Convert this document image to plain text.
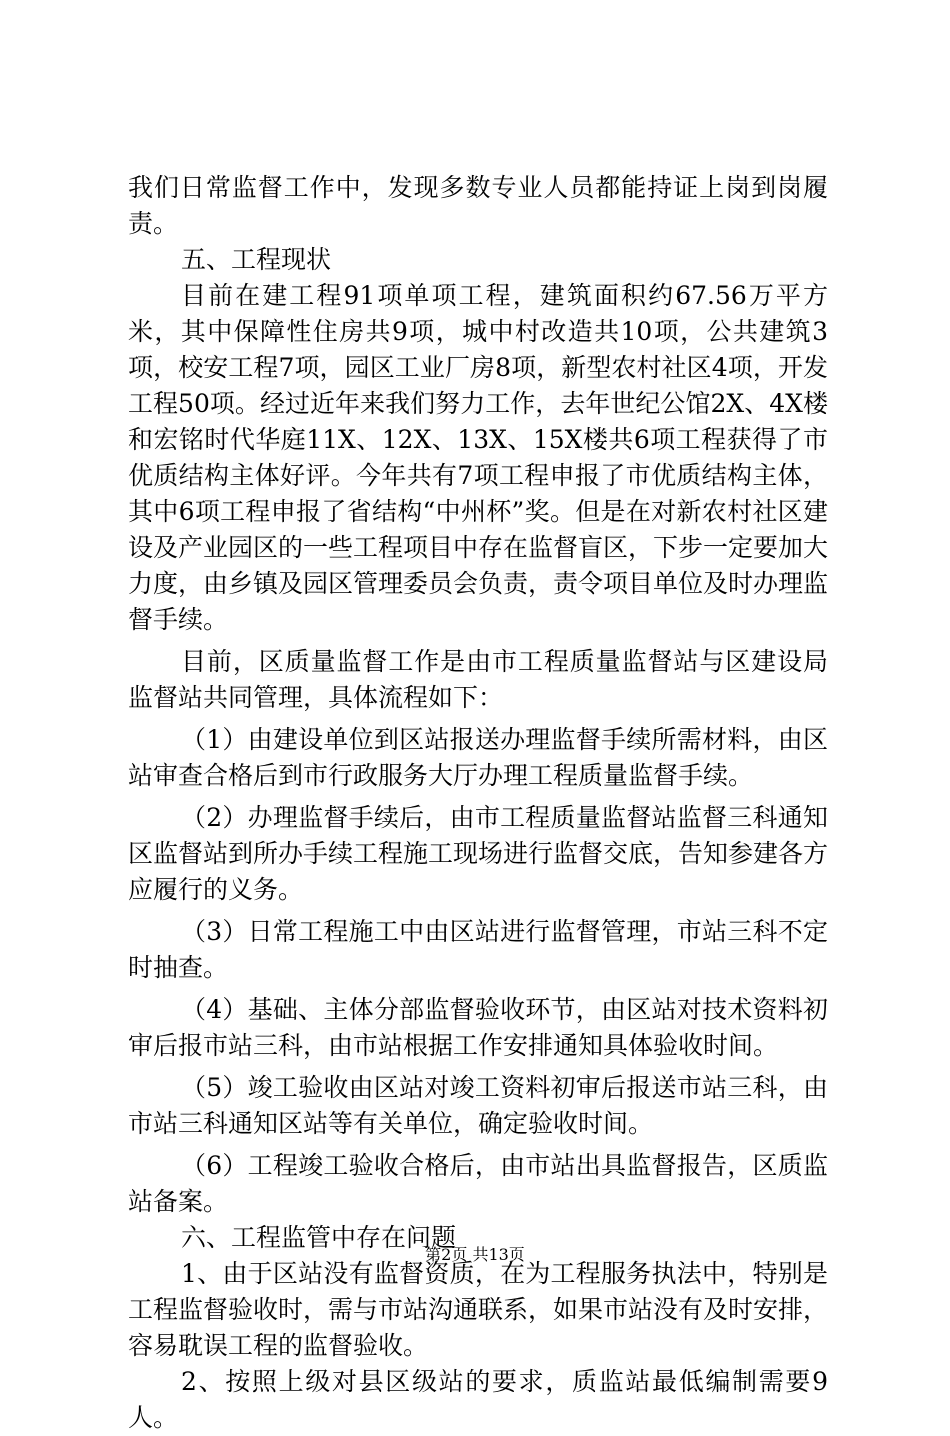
我们日常监督工作中，发现多数专业人员都能持证上岗到岗履责。

五、工程现状

目前在建工程91项单项工程，建筑面积约67.56万平方米，其中保障性住房共9项，城中村改造共10项，公共建筑3项，校安工程7项，园区工业厂房8项，新型农村社区4项，开发工程50项。经过近年来我们努力工作，去年世纪公馆2X、4X楼和宏铭时代华庭11X、12X、13X、15X楼共6项工程获得了市优质结构主体好评。今年共有7项工程申报了市优质结构主体，其中6项工程申报了省结构“中州杯”奖。但是在对新农村社区建设及产业园区的一些工程项目中存在监督盲区，下步一定要加大力度，由乡镇及园区管理委员会负责，责令项目单位及时办理监督手续。

目前，区质量监督工作是由市工程质量监督站与区建设局监督站共同管理，具体流程如下：

（1）由建设单位到区站报送办理监督手续所需材料，由区站审查合格后到市行政服务大厅办理工程质量监督手续。

（2）办理监督手续后，由市工程质量监督站监督三科通知区监督站到所办手续工程施工现场进行监督交底，告知参建各方应履行的义务。

（3）日常工程施工中由区站进行监督管理，市站三科不定时抽查。

（4）基础、主体分部监督验收环节，由区站对技术资料初审后报市站三科，由市站根据工作安排通知具体验收时间。

（5）竣工验收由区站对竣工资料初审后报送市站三科，由市站三科通知区站等有关单位，确定验收时间。

（6）工程竣工验收合格后，由市站出具监督报告，区质监站备案。

六、工程监管中存在问题

1、由于区站没有监督资质，在为工程服务执法中，特别是工程监督验收时，需与市站沟通联系，如果市站没有及时安排，容易耽误工程的监督验收。

2、按照上级对县区级站的要求，质监站最低编制需要9人。

第2页 共13页
